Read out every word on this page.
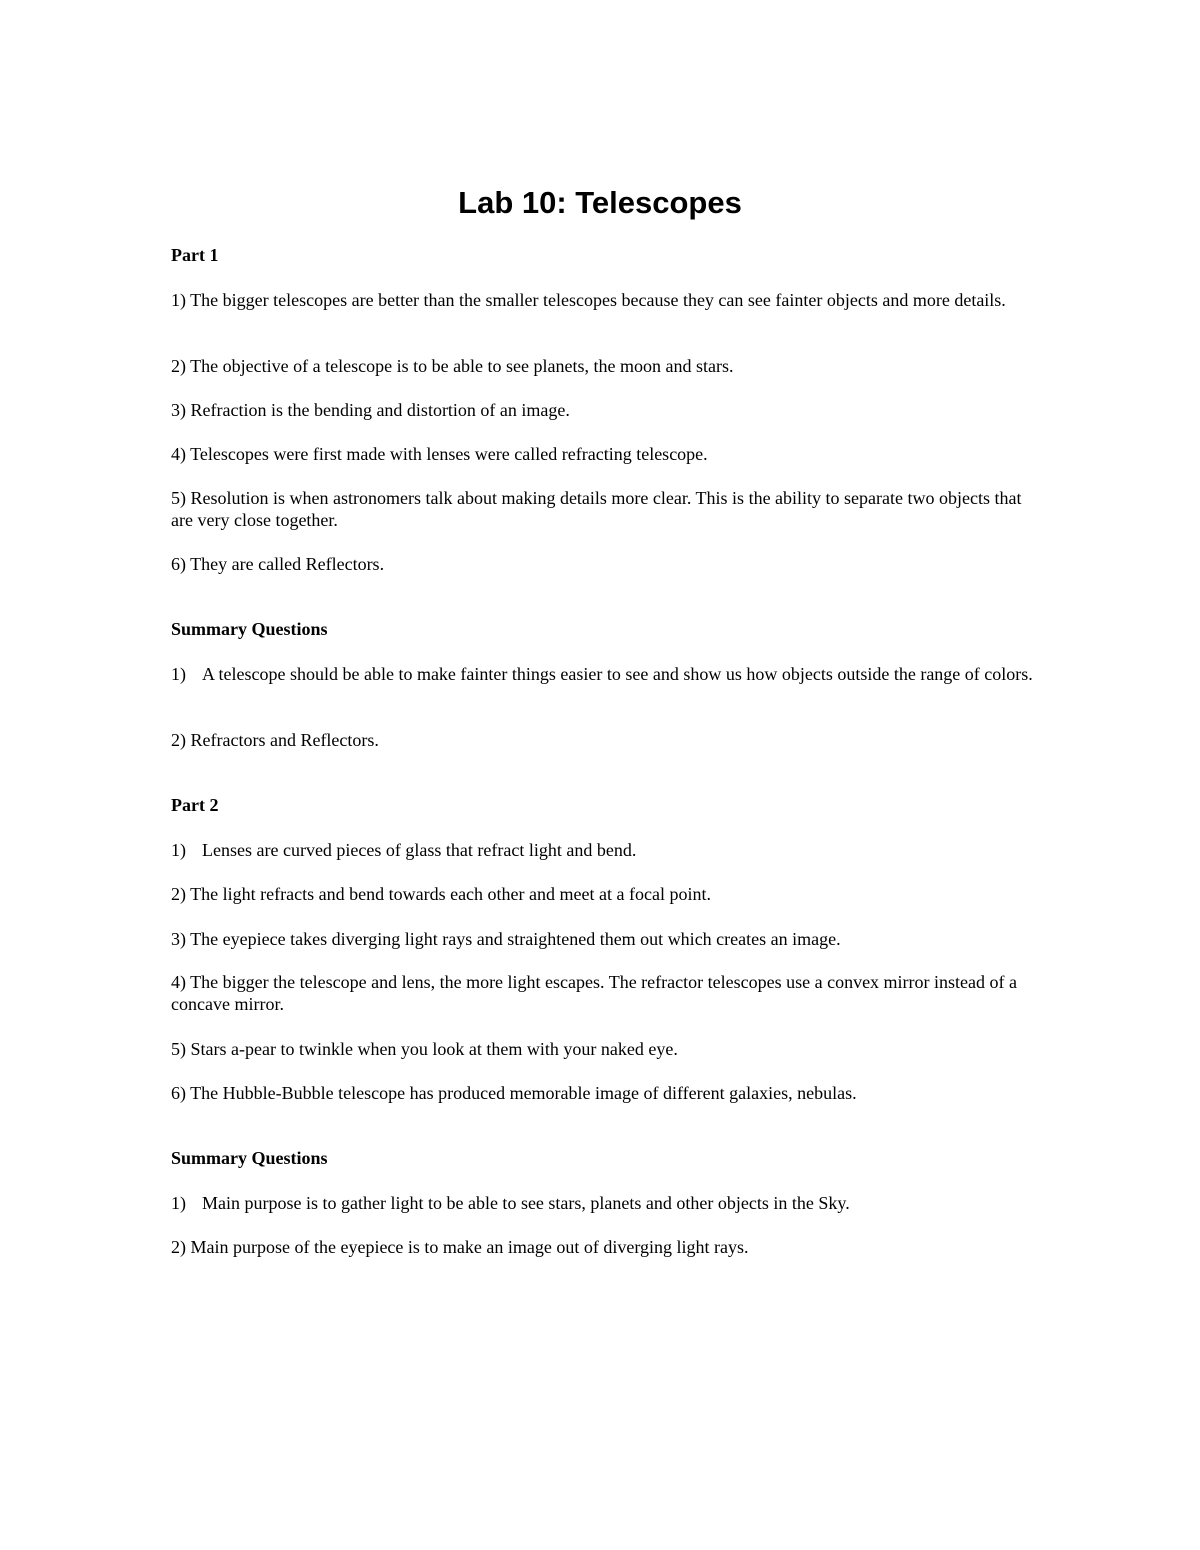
Lab 10: Telescopes

Part 1

1) The bigger telescopes are better than the smaller telescopes because they can see fainter objects and more details.

2) The objective of a telescope is to be able to see planets, the moon and stars.

3) Refraction is the bending and distortion of an image.

4) Telescopes were first made with lenses were called refracting telescope.

5) Resolution is when astronomers talk about making details more clear. This is the ability to separate two objects that are very close together.

6) They are called Reflectors.

Summary Questions

1) A telescope should be able to make fainter things easier to see and show us how objects outside the range of colors.

2) Refractors and Reflectors.

Part 2

1) Lenses are curved pieces of glass that refract light and bend.

2) The light refracts and bend towards each other and meet at a focal point.

3) The eyepiece takes diverging light rays and straightened them out which creates an image.

4) The bigger the telescope and lens, the more light escapes. The refractor telescopes use a convex mirror instead of a concave mirror.

5) Stars a-pear to twinkle when you look at them with your naked eye.

6) The Hubble-Bubble telescope has produced memorable image of different galaxies, nebulas.

Summary Questions

1) Main purpose is to gather light to be able to see stars, planets and other objects in the Sky.

2) Main purpose of the eyepiece is to make an image out of diverging light rays.
